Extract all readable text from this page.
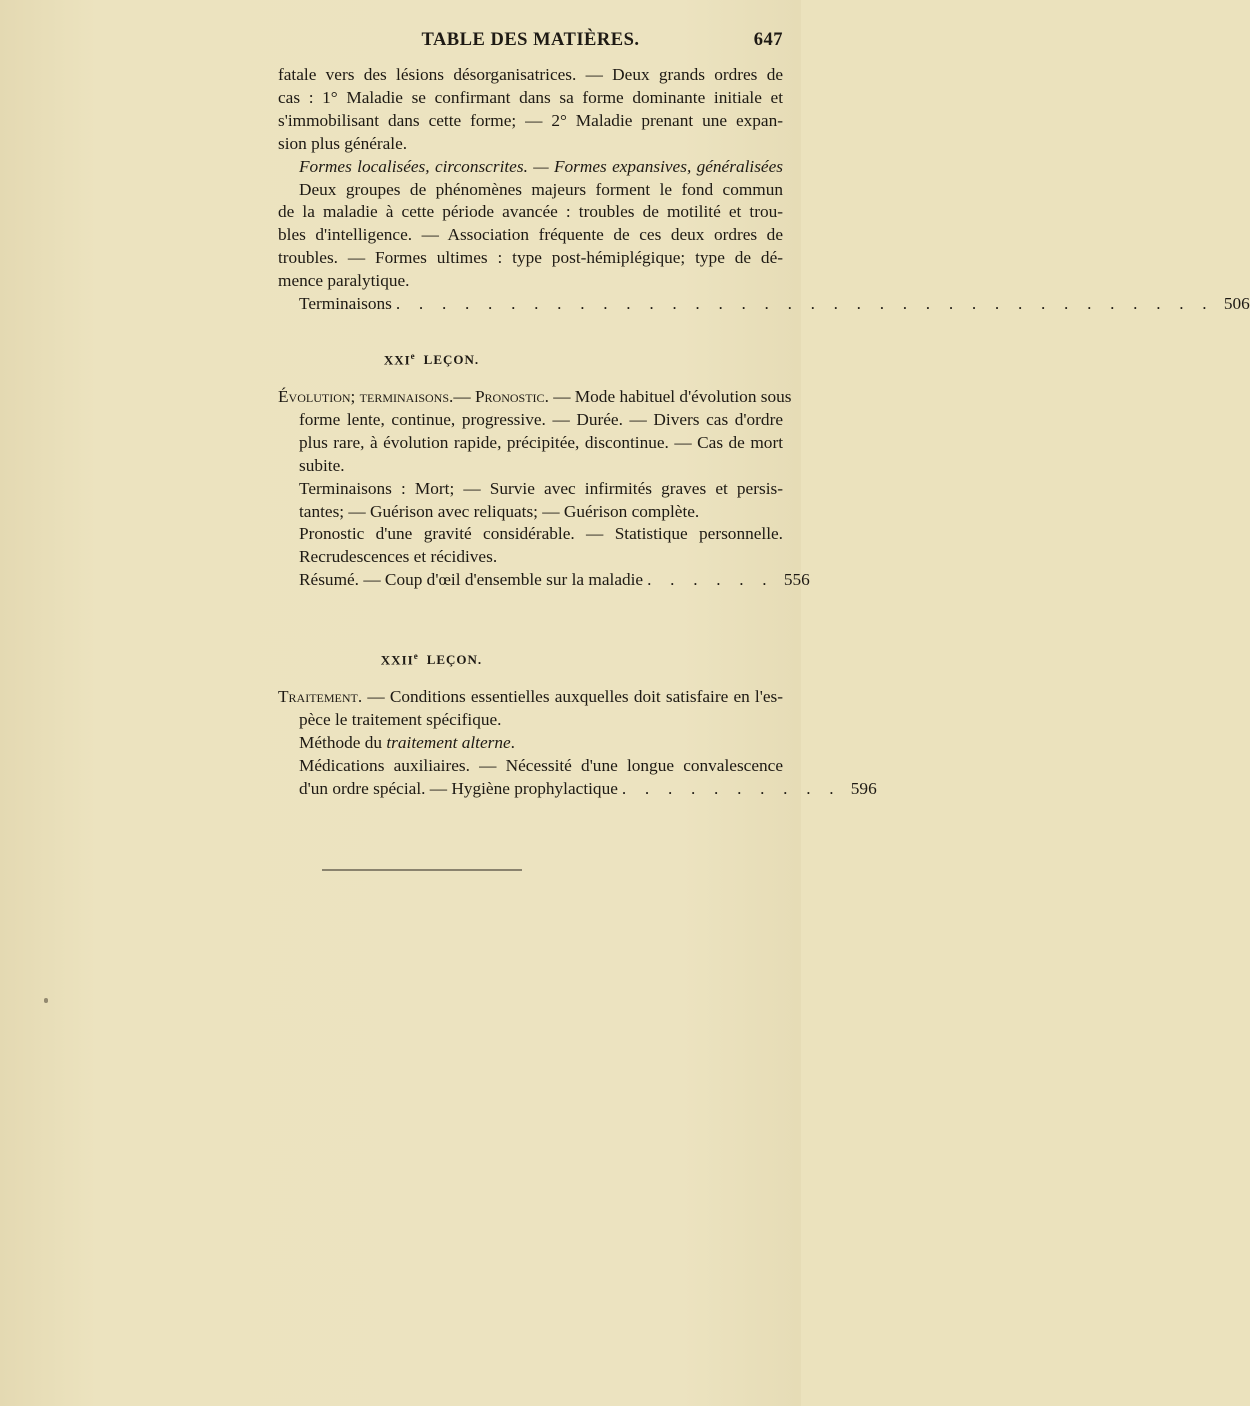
TABLE DES MATIÈRES.	647
fatale vers des lésions désorganisatrices. — Deux grands ordres de
cas : 1° Maladie se confirmant dans sa forme dominante initiale et
s'immobilisant dans cette forme; — 2° Maladie prenant une expan-
sion plus générale.
Formes localisées, circonscrites. — Formes expansives, généralisées
Deux groupes de phénomènes majeurs forment le fond commun
de la maladie à cette période avancée : troubles de motilité et trou-
bles d'intelligence. — Association fréquente de ces deux ordres de
troubles. — Formes ultimes : type post-hémiplégique; type de dé-
mence paralytique.
Terminaisons . . . . . . . . . . . . . . . . . . . . . . . . . . . . . . . . . . . . 506
XXIe LEÇON.
Évolution; terminaisons.— Pronostic. — Mode habituel d'évolution sous
forme lente, continue, progressive. — Durée. — Divers cas d'ordre
plus rare, à évolution rapide, précipitée, discontinue. — Cas de mort
subite.
Terminaisons : Mort; — Survie avec infirmités graves et persis-
tantes; — Guérison avec reliquats; — Guérison complète.
Pronostic d'une gravité considérable. — Statistique personnelle.
Recrudescences et récidives.
Résumé. — Coup d'œil d'ensemble sur la maladie . . . . . . 556
XXIIe LEÇON.
Traitement. — Conditions essentielles auxquelles doit satisfaire en l'es-
pèce le traitement spécifique.
Méthode du traitement alterne.
Médications auxiliaires. — Nécessité d'une longue convalescence
d'un ordre spécial. — Hygiène prophylactique . . . . . . . . . . 596
